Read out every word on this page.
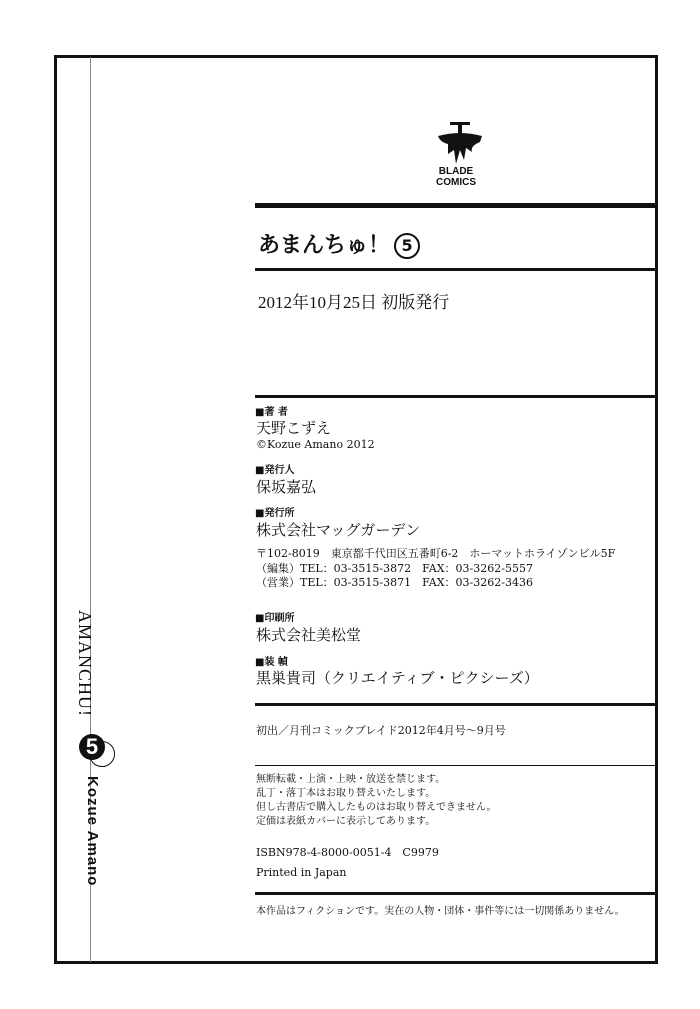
AMANCHU!
5
Kozue Amano
BLADE
COMICS
あまんちゅ！ 5
2012年10月25日 初版発行
■著 者
天野こずえ
©Kozue Amano 2012
■発行人
保坂嘉弘
■発行所
株式会社マッグガーデン
〒102-8019　東京都千代田区五番町6-2　ホーマットホライゾンビル5F
（編集）TEL：03-3515-3872　FAX：03-3262-5557
（営業）TEL：03-3515-3871　FAX：03-3262-3436
■印刷所
株式会社美松堂
■装 幀
黒巣貴司（クリエイティブ・ピクシーズ）
初出／月刊コミックブレイド2012年4月号～9月号
無断転載・上演・上映・放送を禁じます。
乱丁・落丁本はお取り替えいたします。
但し古書店で購入したものはお取り替えできません。
定価は表紙カバーに表示してあります。
ISBN978-4-8000-0051-4　C9979
Printed in Japan
本作品はフィクションです。実在の人物・団体・事件等には一切関係ありません。
